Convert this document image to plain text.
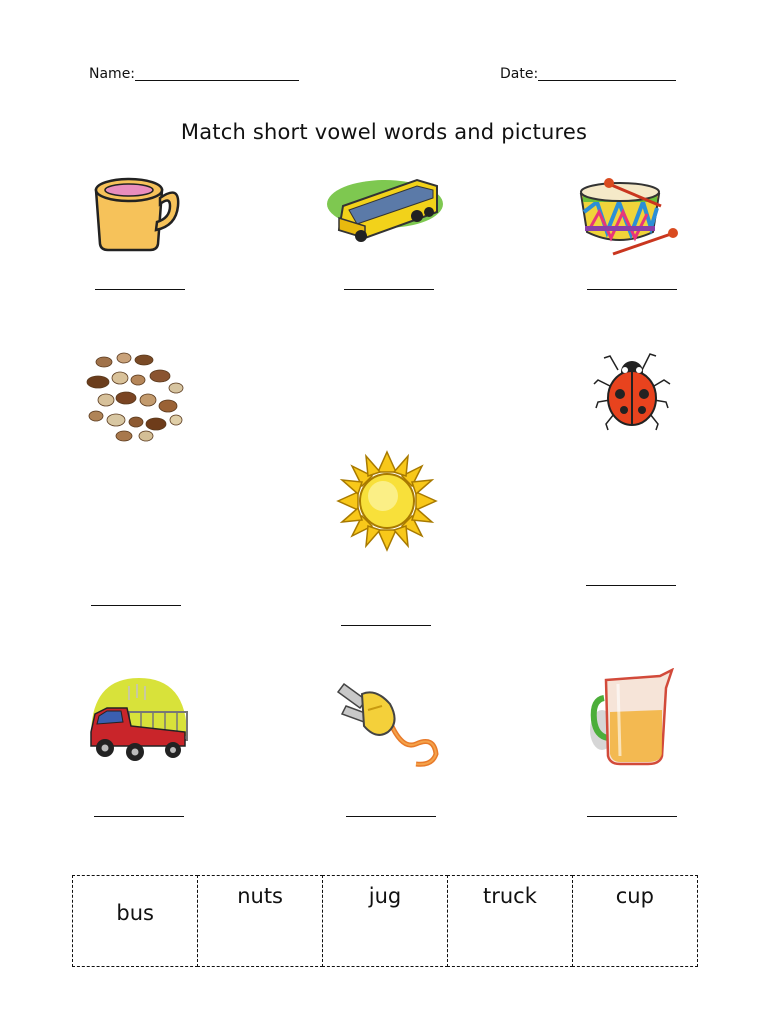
Name:	Date:
Match short vowel words and pictures
bus
nuts	jug	truck	cup
